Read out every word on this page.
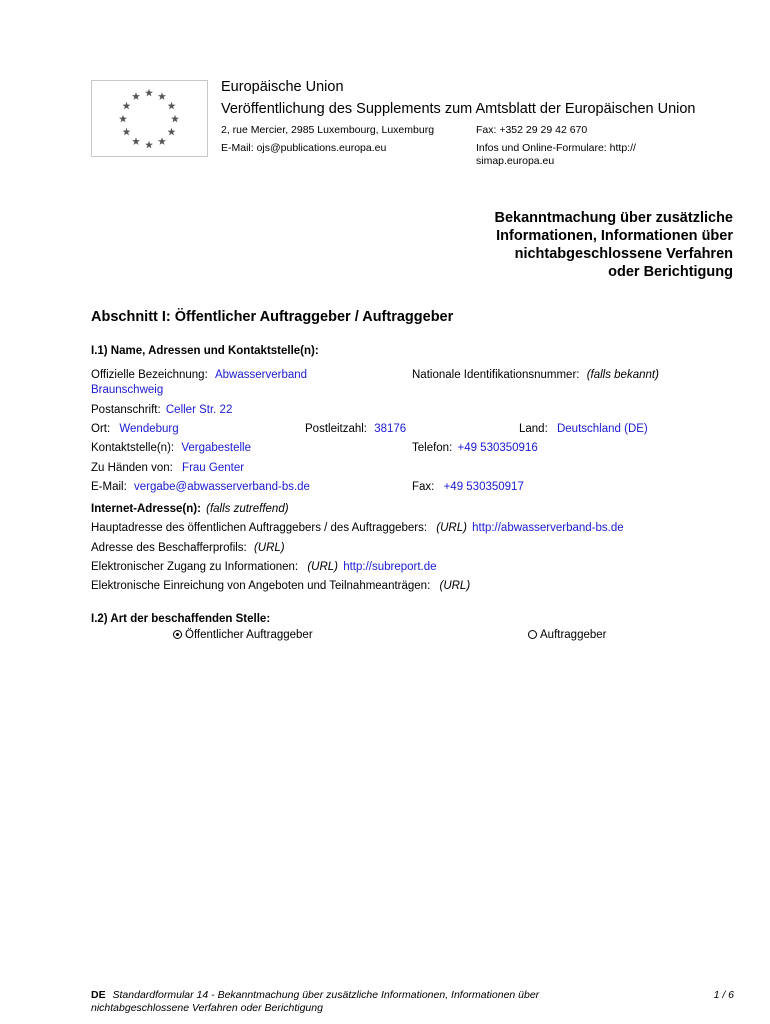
Europäische Union
Veröffentlichung des Supplements zum Amtsblatt der Europäischen Union
2, rue Mercier, 2985 Luxembourg, Luxemburg	Fax: +352 29 29 42 670
E-Mail: ojs@publications.europa.eu	Infos und Online-Formulare: http://
simap.europa.eu
Bekanntmachung über zusätzliche
Informationen, Informationen über
nichtabgeschlossene Verfahren
oder Berichtigung
Abschnitt I: Öffentlicher Auftraggeber / Auftraggeber
I.1) Name, Adressen und Kontaktstelle(n):
Offizielle Bezeichnung: Abwasserverband
Braunschweig
Nationale Identifikationsnummer: (falls bekannt)
Postanschrift: Celler Str. 22
Ort: Wendeburg	Postleitzahl: 38176	Land: Deutschland (DE)
Kontaktstelle(n): Vergabestelle	Telefon: +49 530350916
Zu Händen von: Frau Genter
E-Mail: vergabe@abwasserverband-bs.de	Fax: +49 530350917
Internet-Adresse(n): (falls zutreffend)
Hauptadresse des öffentlichen Auftraggebers / des Auftraggebers: (URL) http://abwasserverband-bs.de
Adresse des Beschafferprofils: (URL)
Elektronischer Zugang zu Informationen: (URL) http://subreport.de
Elektronische Einreichung von Angeboten und Teilnahmeanträgen: (URL)
I.2) Art der beschaffenden Stelle:
Öffentlicher Auftraggeber	Auftraggeber
DE Standardformular 14 - Bekanntmachung über zusätzliche Informationen, Informationen über
nichtabgeschlossene Verfahren oder Berichtigung
1 / 6
